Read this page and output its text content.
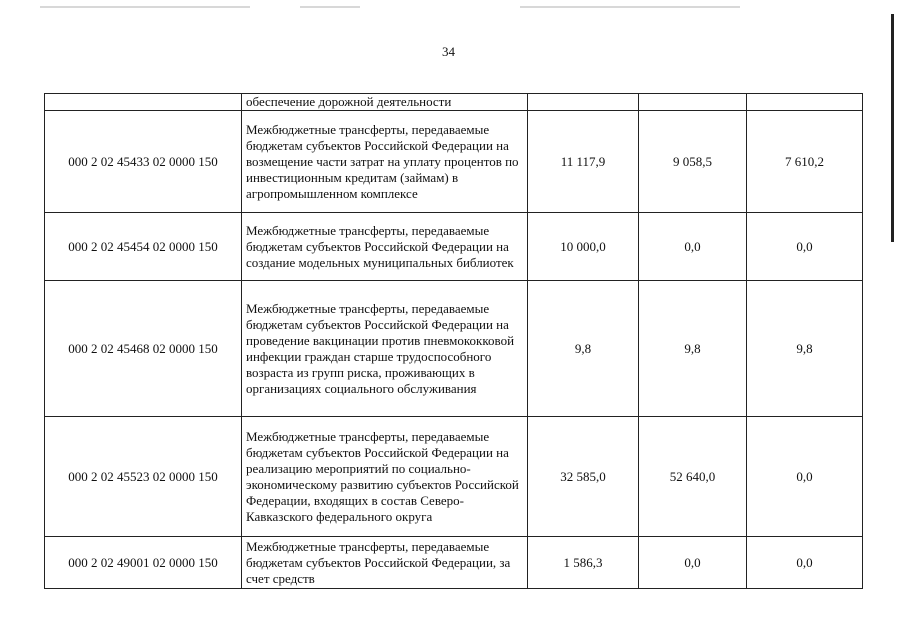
34
	обеспечение дорожной деятельности			
000 2 02 45433 02 0000 150	Межбюджетные трансферты, передаваемые бюджетам субъектов Российской Федерации на возмещение части затрат на уплату процентов по инвестиционным кредитам (займам) в агропромышленном комплексе	11 117,9	9 058,5	7 610,2
000 2 02 45454 02 0000 150	Межбюджетные трансферты, передаваемые бюджетам субъектов Российской Федерации на создание модельных муниципальных библиотек	10 000,0	0,0	0,0
000 2 02 45468 02 0000 150	Межбюджетные трансферты, передаваемые бюджетам субъектов Российской Федерации на проведение вакцинации против пневмококковой инфекции граждан старше трудоспособного возраста из групп риска, проживающих в организациях социального обслуживания	9,8	9,8	9,8
000 2 02 45523 02 0000 150	Межбюджетные трансферты, передаваемые бюджетам субъектов Российской Федерации на реализацию мероприятий по социально-экономическому развитию субъектов Российской Федерации, входящих в состав Северо-Кавказского федерального округа	32 585,0	52 640,0	0,0
000 2 02 49001 02 0000 150	Межбюджетные трансферты, передаваемые бюджетам субъектов Российской Федерации, за счет средств	1 586,3	0,0	0,0
